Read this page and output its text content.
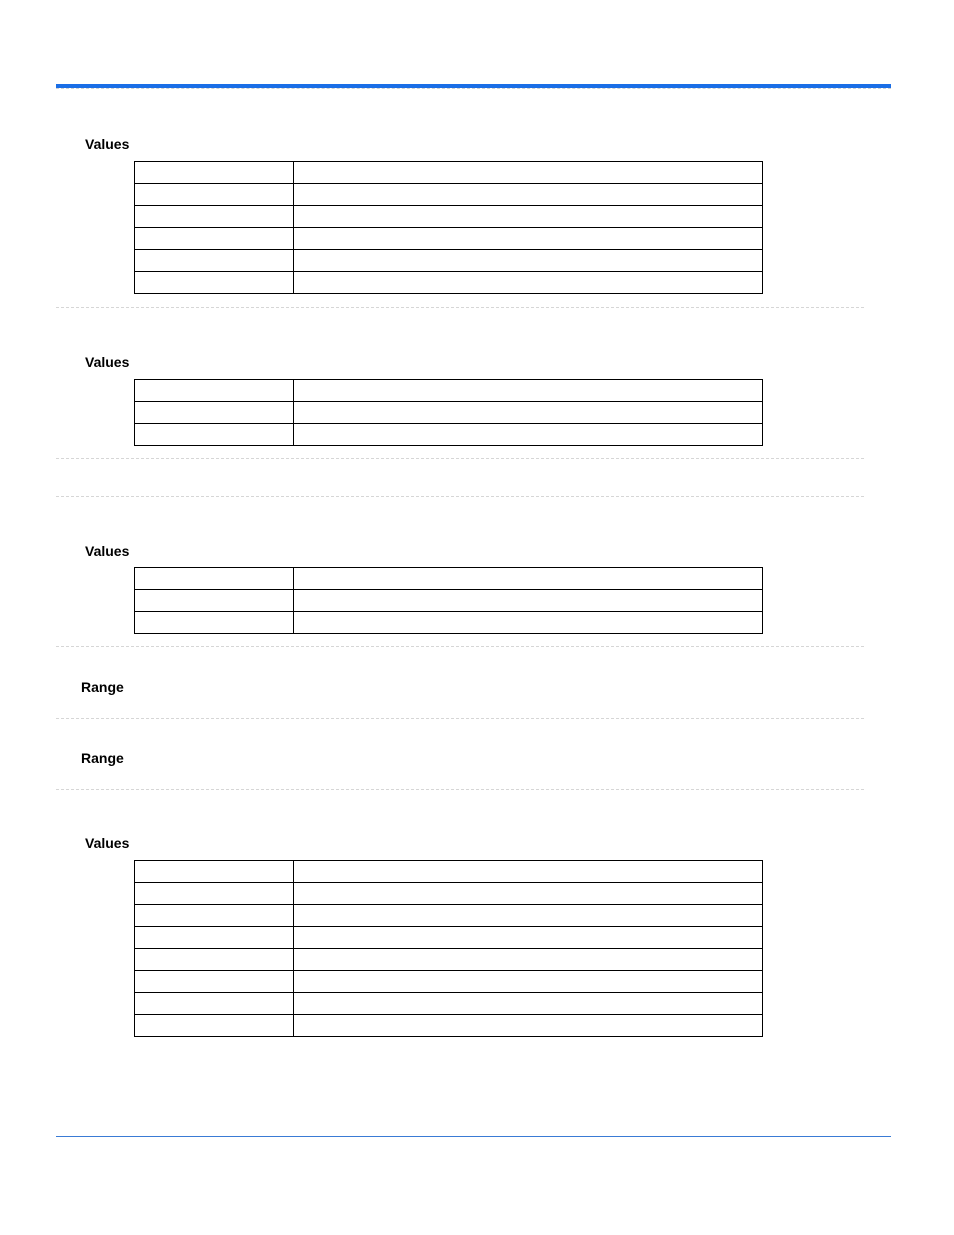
Values

Values

Values

Range
Range
Values
